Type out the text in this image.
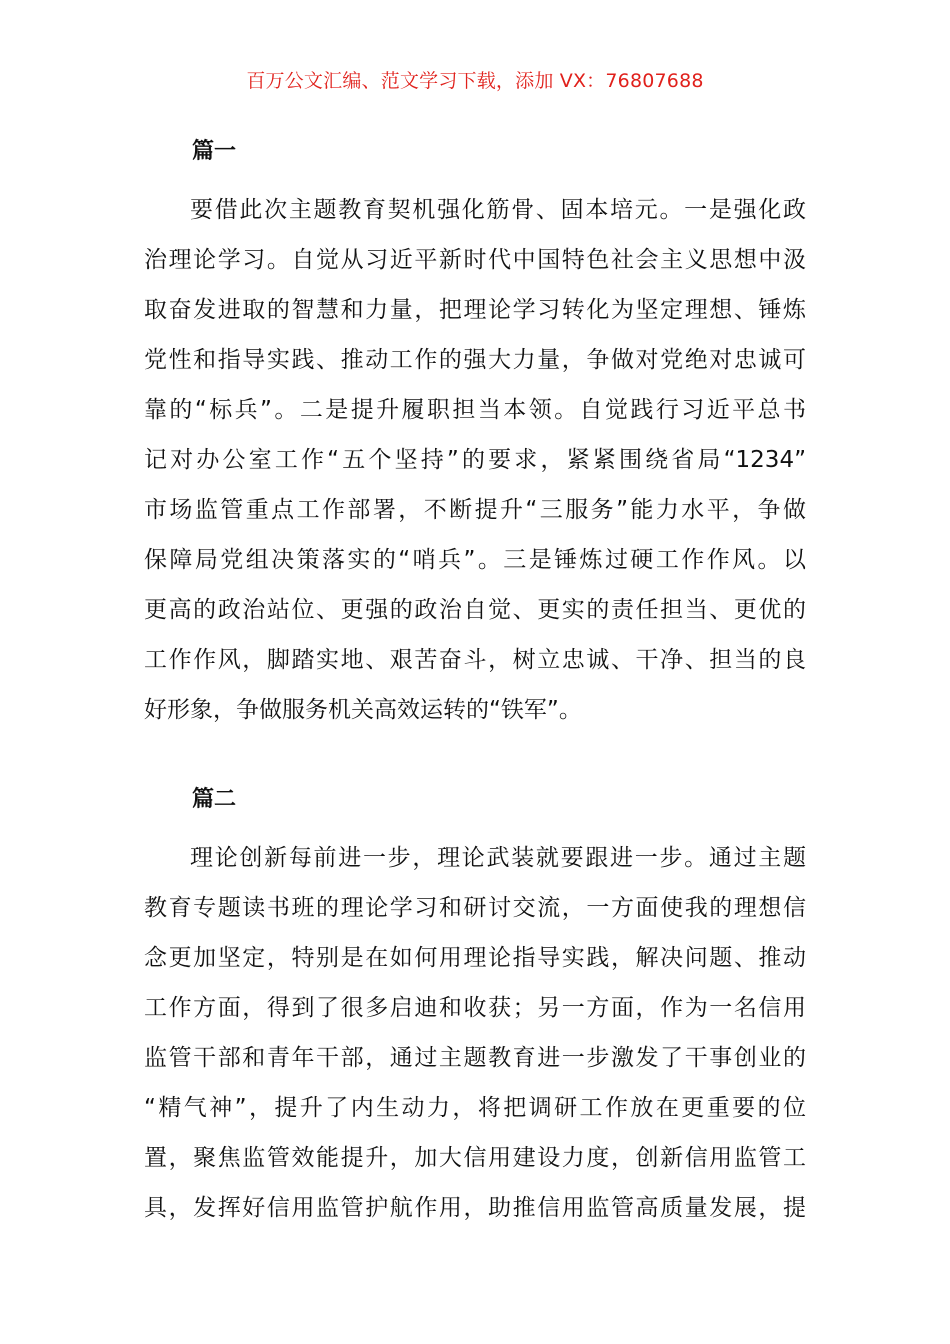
百万公文汇编、范文学习下载，添加 VX：76807688
篇一
要借此次主题教育契机强化筋骨、固本培元。一是强化政
治理论学习。自觉从习近平新时代中国特色社会主义思想中汲
取奋发进取的智慧和力量，把理论学习转化为坚定理想、锤炼
党性和指导实践、推动工作的强大力量，争做对党绝对忠诚可
靠的“标兵”。二是提升履职担当本领。自觉践行习近平总书
记对办公室工作“五个坚持”的要求，紧紧围绕省局“1234”
市场监管重点工作部署，不断提升“三服务”能力水平，争做
保障局党组决策落实的“哨兵”。三是锤炼过硬工作作风。以
更高的政治站位、更强的政治自觉、更实的责任担当、更优的
工作作风，脚踏实地、艰苦奋斗，树立忠诚、干净、担当的良
好形象，争做服务机关高效运转的“铁军”。
篇二
理论创新每前进一步，理论武装就要跟进一步。通过主题
教育专题读书班的理论学习和研讨交流，一方面使我的理想信
念更加坚定，特别是在如何用理论指导实践，解决问题、推动
工作方面，得到了很多启迪和收获；另一方面，作为一名信用
监管干部和青年干部，通过主题教育进一步激发了干事创业的
“精气神”，提升了内生动力，将把调研工作放在更重要的位
置，聚焦监管效能提升，加大信用建设力度，创新信用监管工
具，发挥好信用监管护航作用，助推信用监管高质量发展，提
